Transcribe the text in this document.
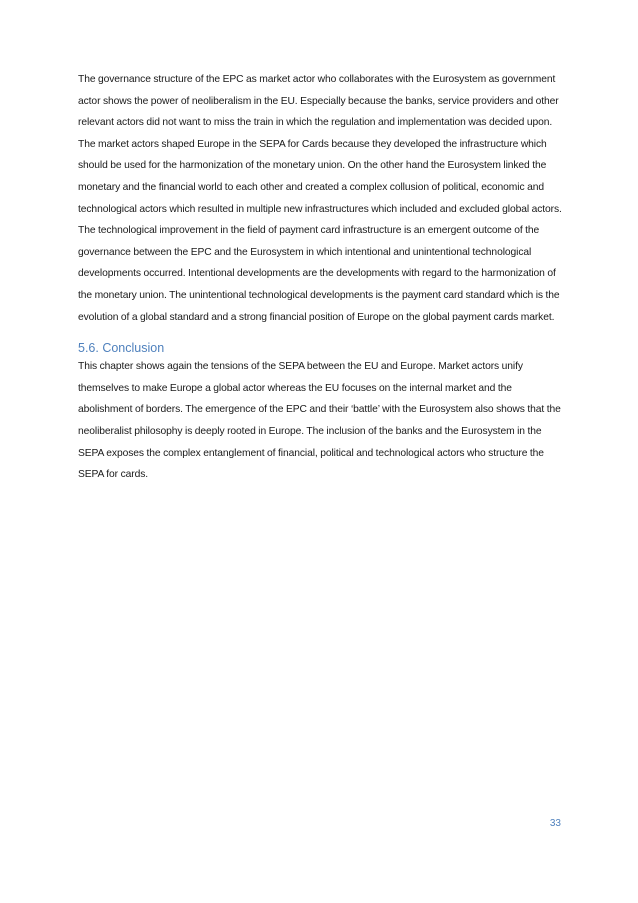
The governance structure of the EPC as market actor who collaborates with the Eurosystem as government actor shows the power of neoliberalism in the EU. Especially because the banks, service providers and other relevant actors did not want to miss the train in which the regulation and implementation was decided upon. The market actors shaped Europe in the SEPA for Cards because they developed the infrastructure which should be used for the harmonization of the monetary union. On the other hand the Eurosystem linked the monetary and the financial world to each other and created a complex collusion of political, economic and technological actors which resulted in multiple new infrastructures which included and excluded global actors. The technological improvement in the field of payment card infrastructure is an emergent outcome of the governance between the EPC and the Eurosystem in which intentional and unintentional technological developments occurred. Intentional developments are the developments with regard to the harmonization of the monetary union. The unintentional technological developments is the payment card standard which is the evolution of a global standard and a strong financial position of Europe on the global payment cards market.

5.6. Conclusion

This chapter shows again the tensions of the SEPA between the EU and Europe. Market actors unify themselves to make Europe a global actor whereas the EU focuses on the internal market and the abolishment of borders. The emergence of the EPC and their ‘battle’ with the Eurosystem also shows that the neoliberalist philosophy is deeply rooted in Europe. The inclusion of the banks and the Eurosystem in the SEPA exposes the complex entanglement of financial, political and technological actors who structure the SEPA for cards.

33
